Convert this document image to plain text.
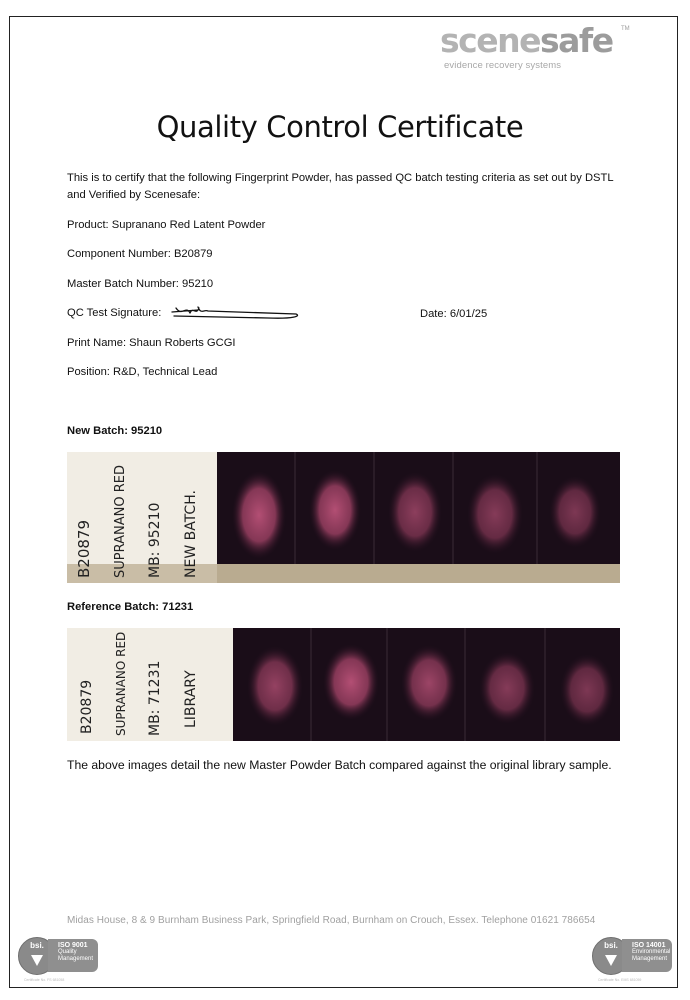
scenesafe TM
evidence recovery systems
Quality Control Certificate
This is to certify that the following Fingerprint Powder, has passed QC batch testing criteria as set out by DSTL and Verified by Scenesafe:
Product: Supranano Red Latent Powder
Component Number: B20879
Master Batch Number: 95210
QC Test Signature:	Date: 6/01/25
Print Name: Shaun Roberts GCGI
Position: R&D, Technical Lead
New Batch: 95210
B20879 SUPRANANO RED MB: 95210 NEW BATCH.
Reference Batch: 71231
B20879 SUPRANANO RED MB: 71231 LIBRARY
The above images detail the new Master Powder Batch compared against the original library sample.
Midas House, 8 & 9 Burnham Business Park, Springfield Road, Burnham on Crouch, Essex. Telephone 01621 786654
bsi.	ISO 9001
Quality
Management
Certificate No. FS 681058
bsi.	ISO 14001
Environmental
Management
Certificate No. EMS 681059
